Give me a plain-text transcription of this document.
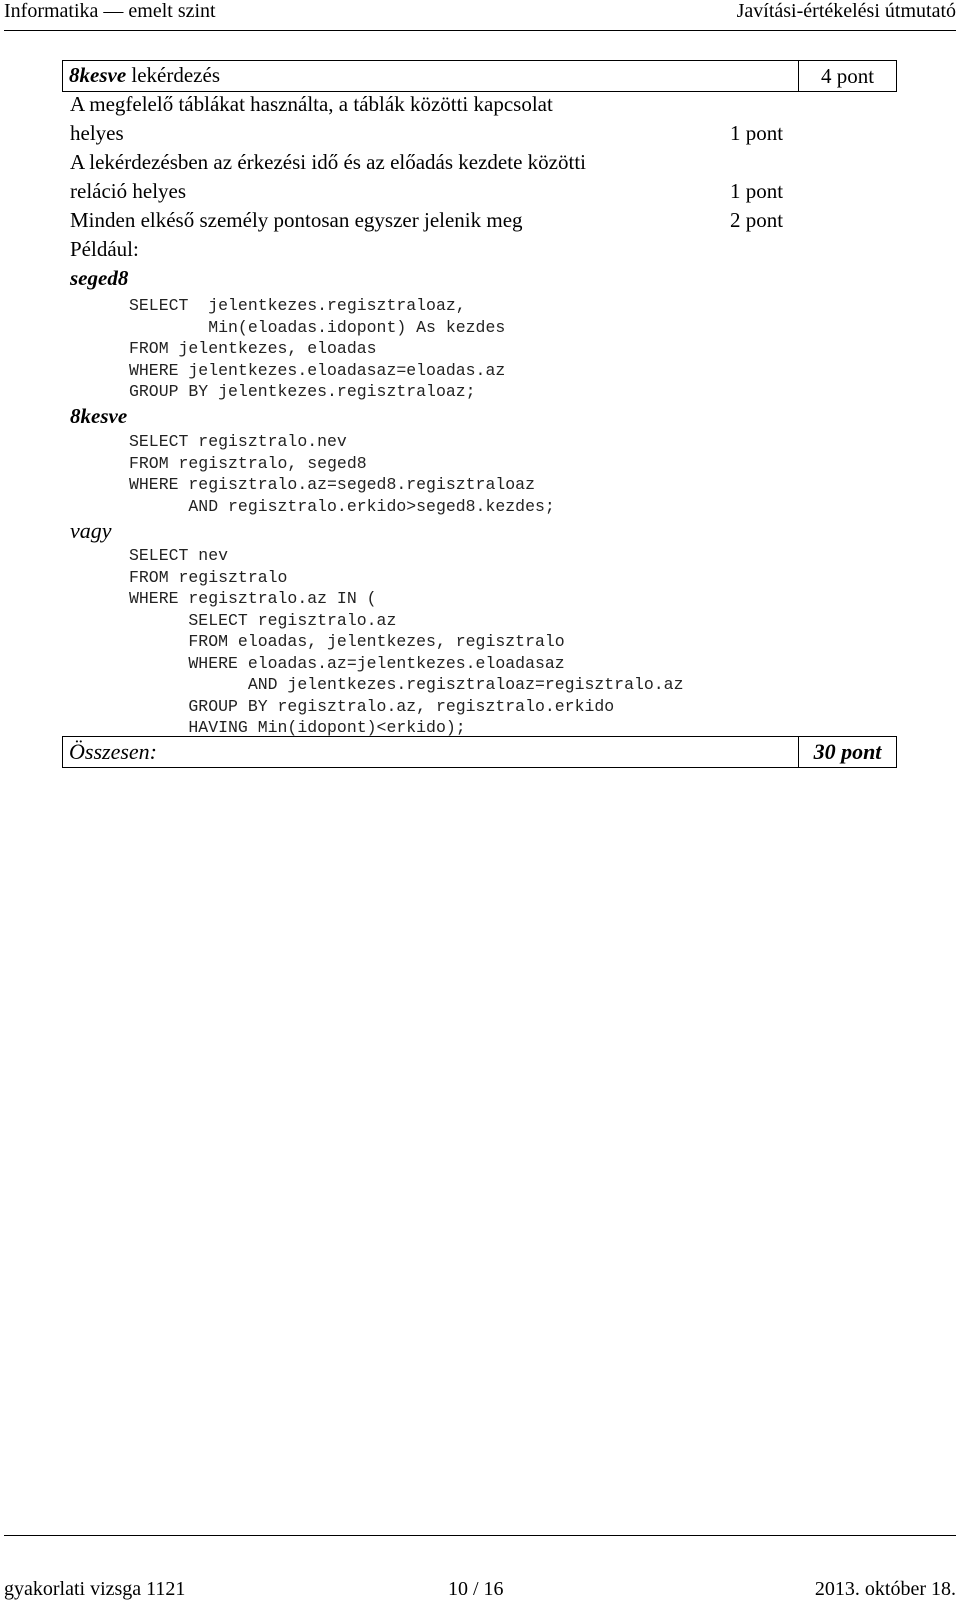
Informatika — emelt szint	Javítási-értékelési útmutató
8kesve lekérdezés	4 pont
A megfelelő táblákat használta, a táblák közötti kapcsolat
helyes	1 pont
A lekérdezésben az érkezési idő és az előadás kezdete közötti
reláció helyes	1 pont
Minden elkéső személy pontosan egyszer jelenik meg	2 pont
Például:
seged8
SELECT  jelentkezes.regisztraloaz,
Min(eloadas.idopont) As kezdes
FROM jelentkezes, eloadas
WHERE jelentkezes.eloadasaz=eloadas.az
GROUP BY jelentkezes.regisztraloaz;
8kesve
SELECT regisztralo.nev
FROM regisztralo, seged8
WHERE regisztralo.az=seged8.regisztraloaz
AND regisztralo.erkido>seged8.kezdes;
vagy
SELECT nev
FROM regisztralo
WHERE regisztralo.az IN (
SELECT regisztralo.az
FROM eloadas, jelentkezes, regisztralo
WHERE eloadas.az=jelentkezes.eloadasaz
AND jelentkezes.regisztraloaz=regisztralo.az
GROUP BY regisztralo.az, regisztralo.erkido
HAVING Min(idopont)<erkido);
Összesen:	30 pont
gyakorlati vizsga 1121	10 / 16	2013. október 18.
